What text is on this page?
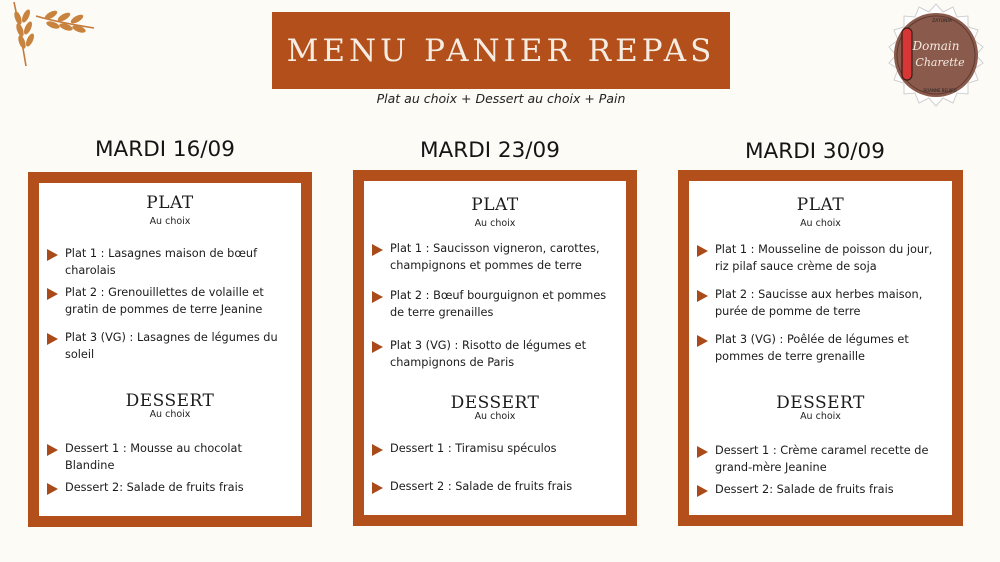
MENU PANIER REPAS
Plat au choix + Dessert au choix + Pain
ZATONIA
Domain
Charette
ROANNE BEUJEU
MARDI 16/09
PLAT
Au choix
Plat 1 : Lasagnes maison de bœuf charolais
Plat 2 : Grenouillettes de volaille et gratin de pommes de terre Jeanine
Plat 3 (VG) : Lasagnes de légumes du soleil
DESSERT
Au choix
Dessert 1 : Mousse au chocolat Blandine
Dessert 2: Salade de fruits frais
MARDI 23/09
PLAT
Au choix
Plat 1 : Saucisson vigneron, carottes, champignons et pommes de terre
Plat 2 : Bœuf bourguignon et pommes de terre grenailles
Plat 3 (VG) : Risotto de légumes et champignons de Paris
DESSERT
Au choix
Dessert 1 : Tiramisu spéculos
Dessert 2 : Salade de fruits frais
MARDI 30/09
PLAT
Au choix
Plat 1 : Mousseline de poisson du jour, riz pilaf sauce crème de soja
Plat 2 : Saucisse aux herbes maison, purée de pomme de terre
Plat 3 (VG) : Poêlée de légumes et pommes de terre grenaille
DESSERT
Au choix
Dessert 1 : Crème caramel recette de grand-mère Jeanine
Dessert 2: Salade de fruits frais
